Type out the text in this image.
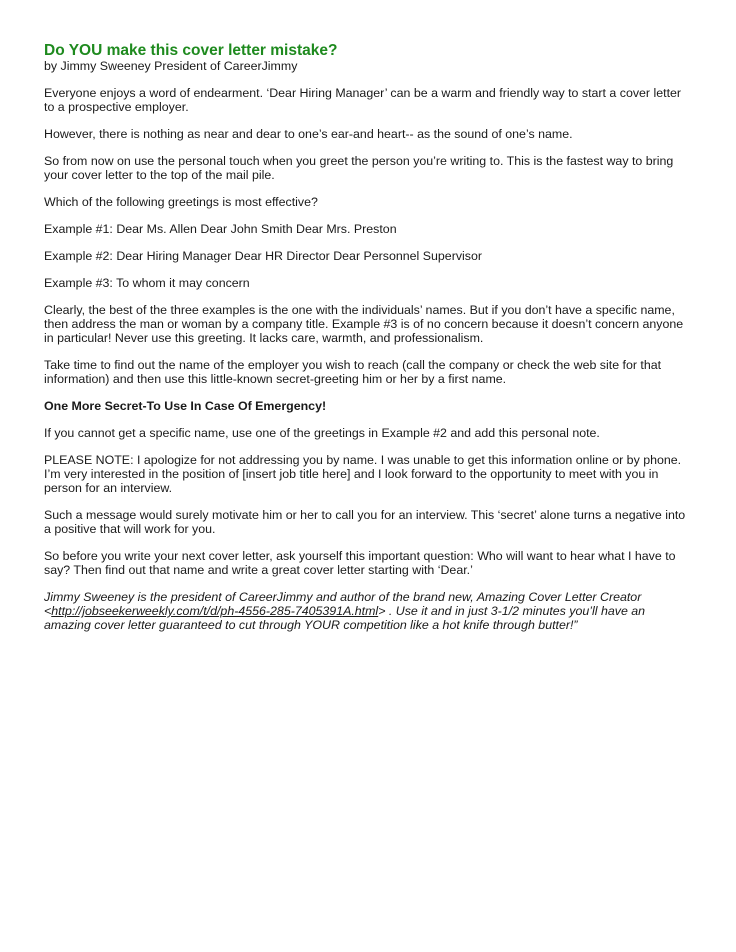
Do YOU make this cover letter mistake?
by Jimmy Sweeney President of CareerJimmy

Everyone enjoys a word of endearment. ‘Dear Hiring Manager’ can be a warm and friendly way to start a cover letter to a prospective employer.

However, there is nothing as near and dear to one’s ear-and heart-- as the sound of one’s name.

So from now on use the personal touch when you greet the person you’re writing to. This is the fastest way to bring your cover letter to the top of the mail pile.

Which of the following greetings is most effective?

Example #1: Dear Ms. Allen Dear John Smith Dear Mrs. Preston

Example #2: Dear Hiring Manager Dear HR Director Dear Personnel Supervisor

Example #3: To whom it may concern

Clearly, the best of the three examples is the one with the individuals’ names. But if you don’t have a specific name, then address the man or woman by a company title. Example #3 is of no concern because it doesn’t concern anyone in particular! Never use this greeting. It lacks care, warmth, and professionalism.

Take time to find out the name of the employer you wish to reach (call the company or check the web site for that information) and then use this little-known secret-greeting him or her by a first name.

One More Secret-To Use In Case Of Emergency!

If you cannot get a specific name, use one of the greetings in Example #2 and add this personal note.

PLEASE NOTE: I apologize for not addressing you by name. I was unable to get this information online or by phone. I’m very interested in the position of [insert job title here] and I look forward to the opportunity to meet with you in person for an interview.

Such a message would surely motivate him or her to call you for an interview. This ‘secret’ alone turns a negative into a positive that will work for you.

So before you write your next cover letter, ask yourself this important question: Who will want to hear what I have to say? Then find out that name and write a great cover letter starting with ‘Dear.’

Jimmy Sweeney is the president of CareerJimmy and author of the brand new, Amazing Cover Letter Creator <http://jobseekerweekly.com/t/d/ph-4556-285-7405391A.html> . Use it and in just 3-1/2 minutes you’ll have an amazing cover letter guaranteed to cut through YOUR competition like a hot knife through butter!”
